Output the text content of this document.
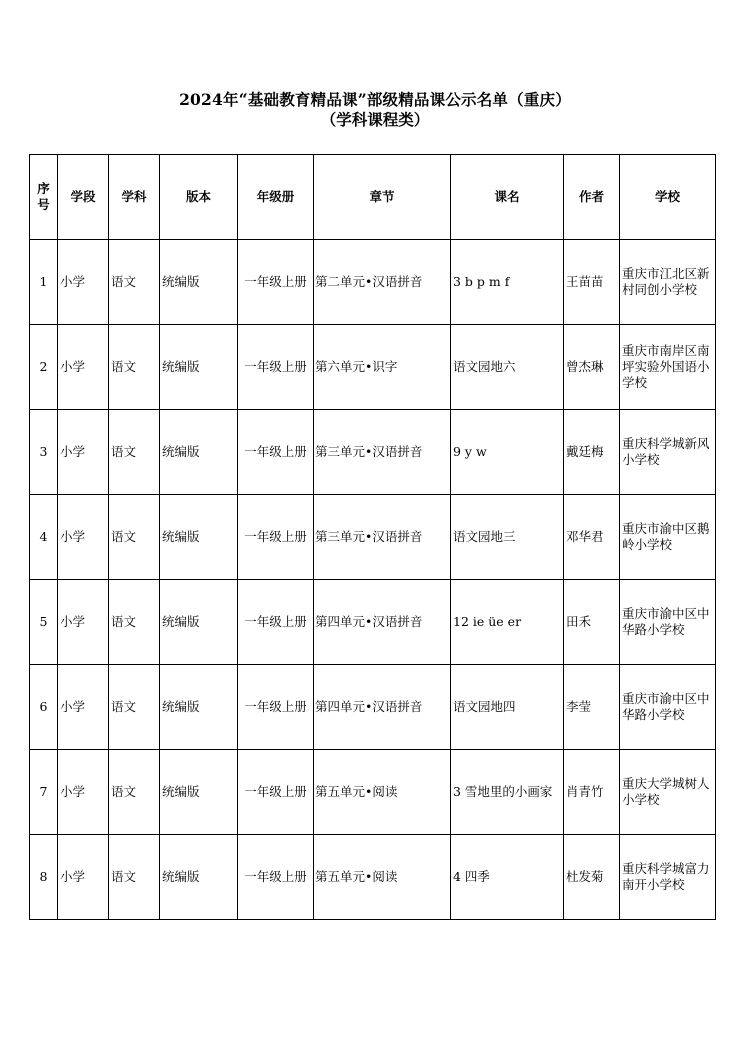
2024年“基础教育精品课”部级精品课公示名单（重庆）
（学科课程类）
序
号	学段	学科	版本	年级册	章节	课名	作者	学校
1	小学	语文	统编版	一年级上册	第二单元•汉语拼音	3 b p m f	王苗苗	重庆市江北区新村同创小学校
2	小学	语文	统编版	一年级上册	第六单元•识字	语文园地六	曾杰琳	重庆市南岸区南坪实验外国语小学校
3	小学	语文	统编版	一年级上册	第三单元•汉语拼音	9 y w	戴廷梅	重庆科学城新风小学校
4	小学	语文	统编版	一年级上册	第三单元•汉语拼音	语文园地三	邓华君	重庆市渝中区鹅岭小学校
5	小学	语文	统编版	一年级上册	第四单元•汉语拼音	12 ie üe er	田禾	重庆市渝中区中华路小学校
6	小学	语文	统编版	一年级上册	第四单元•汉语拼音	语文园地四	李莹	重庆市渝中区中华路小学校
7	小学	语文	统编版	一年级上册	第五单元•阅读	3 雪地里的小画家	肖青竹	重庆大学城树人小学校
8	小学	语文	统编版	一年级上册	第五单元•阅读	4 四季	杜发菊	重庆科学城富力南开小学校
